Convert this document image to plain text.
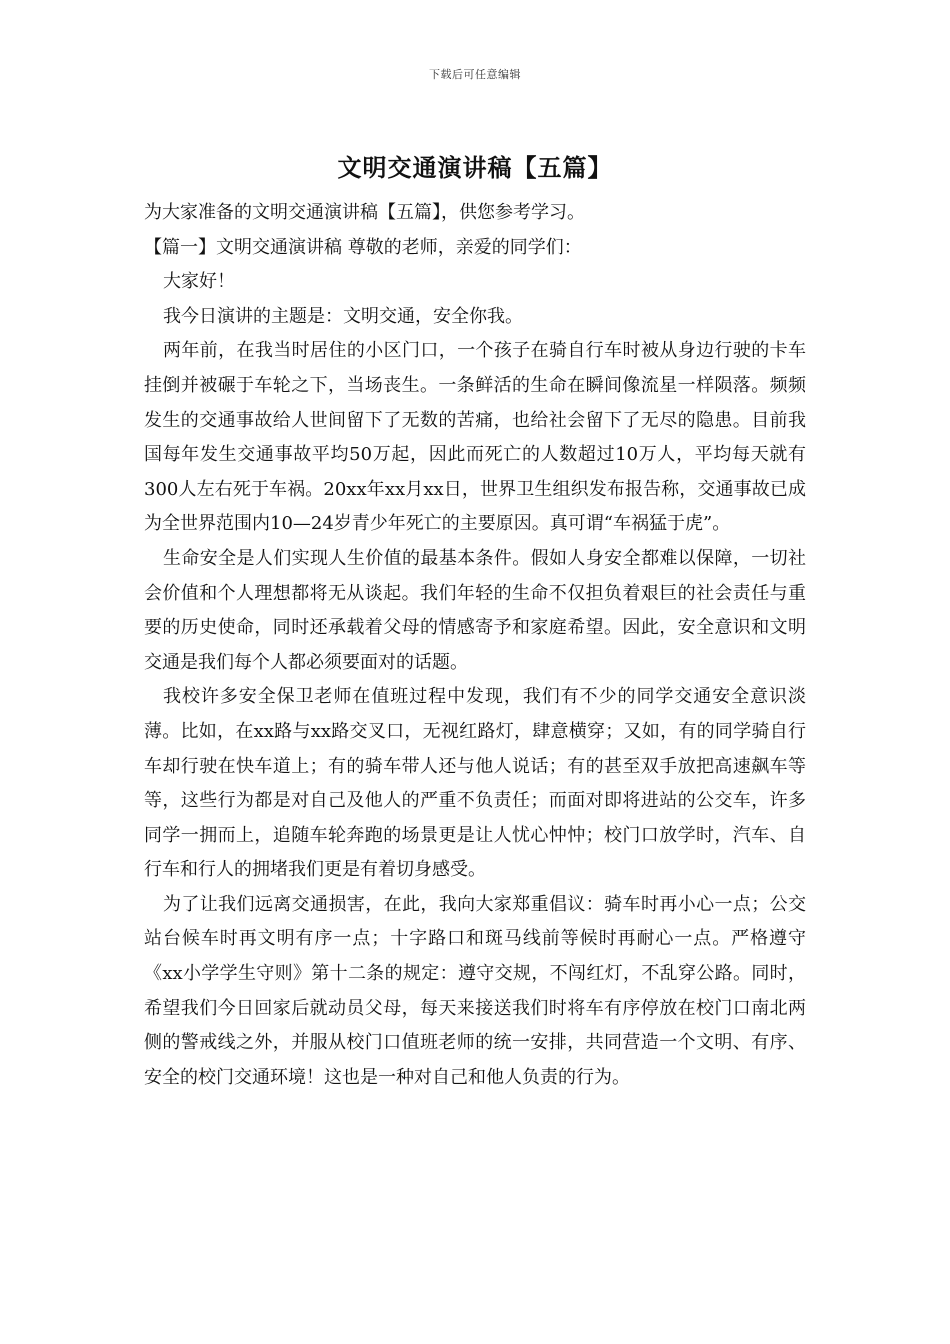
下载后可任意编辑
文明交通演讲稿【五篇】

为大家准备的文明交通演讲稿【五篇】，供您参考学习。

【篇一】文明交通演讲稿 尊敬的老师，亲爱的同学们：

大家好！

我今日演讲的主题是：文明交通，安全你我。

两年前，在我当时居住的小区门口，一个孩子在骑自行车时被从身边行驶的卡车挂倒并被碾于车轮之下，当场丧生。一条鲜活的生命在瞬间像流星一样陨落。频频发生的交通事故给人世间留下了无数的苦痛，也给社会留下了无尽的隐患。目前我国每年发生交通事故平均50万起，因此而死亡的人数超过10万人，平均每天就有300人左右死于车祸。20xx年xx月xx日，世界卫生组织发布报告称，交通事故已成为全世界范围内10—24岁青少年死亡的主要原因。真可谓“车祸猛于虎”。

生命安全是人们实现人生价值的最基本条件。假如人身安全都难以保障，一切社会价值和个人理想都将无从谈起。我们年轻的生命不仅担负着艰巨的社会责任与重要的历史使命，同时还承载着父母的情感寄予和家庭希望。因此，安全意识和文明交通是我们每个人都必须要面对的话题。

我校许多安全保卫老师在值班过程中发现，我们有不少的同学交通安全意识淡薄。比如，在xx路与xx路交叉口，无视红路灯，肆意横穿；又如，有的同学骑自行车却行驶在快车道上；有的骑车带人还与他人说话；有的甚至双手放把高速飙车等等，这些行为都是对自己及他人的严重不负责任；而面对即将进站的公交车，许多同学一拥而上，追随车轮奔跑的场景更是让人忧心忡忡；校门口放学时，汽车、自行车和行人的拥堵我们更是有着切身感受。

为了让我们远离交通损害，在此，我向大家郑重倡议：骑车时再小心一点；公交站台候车时再文明有序一点；十字路口和斑马线前等候时再耐心一点。严格遵守《xx小学学生守则》第十二条的规定：遵守交规，不闯红灯，不乱穿公路。同时，希望我们今日回家后就动员父母，每天来接送我们时将车有序停放在校门口南北两侧的警戒线之外，并服从校门口值班老师的统一安排，共同营造一个文明、有序、安全的校门交通环境！这也是一种对自己和他人负责的行为。
